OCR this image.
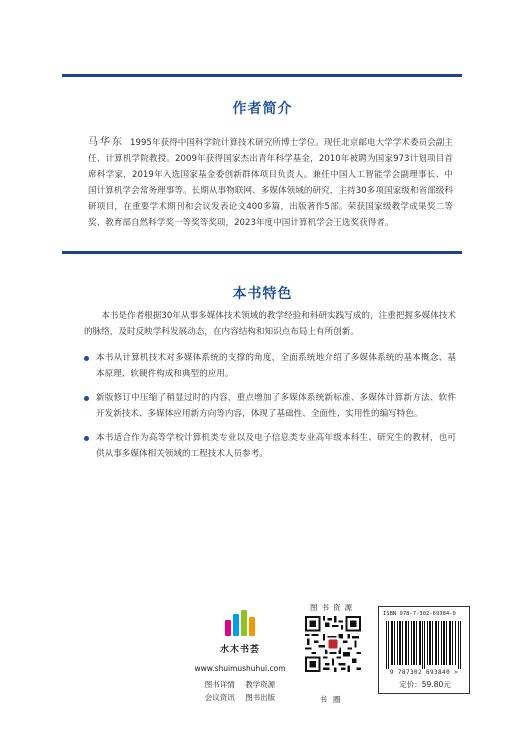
作者简介
马华东 1995年获得中国科学院计算技术研究所博士学位。现任北京邮电大学学术委员会副主任、计算机学院教授。2009年获得国家杰出青年科学基金，2010年被聘为国家973计划项目首席科学家，2019年入选国家基金委创新群体项目负责人。兼任中国人工智能学会副理事长、中国计算机学会常务理事等。长期从事物联网、多媒体领域的研究，主持30多项国家级和省部级科研项目，在重要学术期刊和会议发表论文400多篇，出版著作5部。荣获国家级教学成果奖二等奖、教育部自然科学奖一等奖等奖项，2023年度中国计算机学会王选奖获得者。
本书特色

本书是作者根据30年从事多媒体技术领域的教学经验和科研实践写成的，注重把握多媒体技术的脉络，及时反映学科发展动态，在内容结构和知识点布局上有所创新。

本书从计算机技术对多媒体系统的支撑的角度，全面系统地介绍了多媒体系统的基本概念、基本原理、软硬件构成和典型的应用。
新版修订中压缩了稍显过时的内容，重点增加了多媒体系统新标准、多媒体计算新方法、软件开发新技术、多媒体应用新方向等内容，体现了基础性、全面性、实用性的编写特色。
本书适合作为高等学校计算机类专业以及电子信息类专业高年级本科生、研究生的教材，也可供从事多媒体相关领域的工程技术人员参考。
水木书荟
www.shuimushuhui.com
图书详情 教学资源
会议资讯 图书出版
图书资源
书圈
ISBN 978-7-302-69384-0
9 787302 693840 >
定价：59.80元
